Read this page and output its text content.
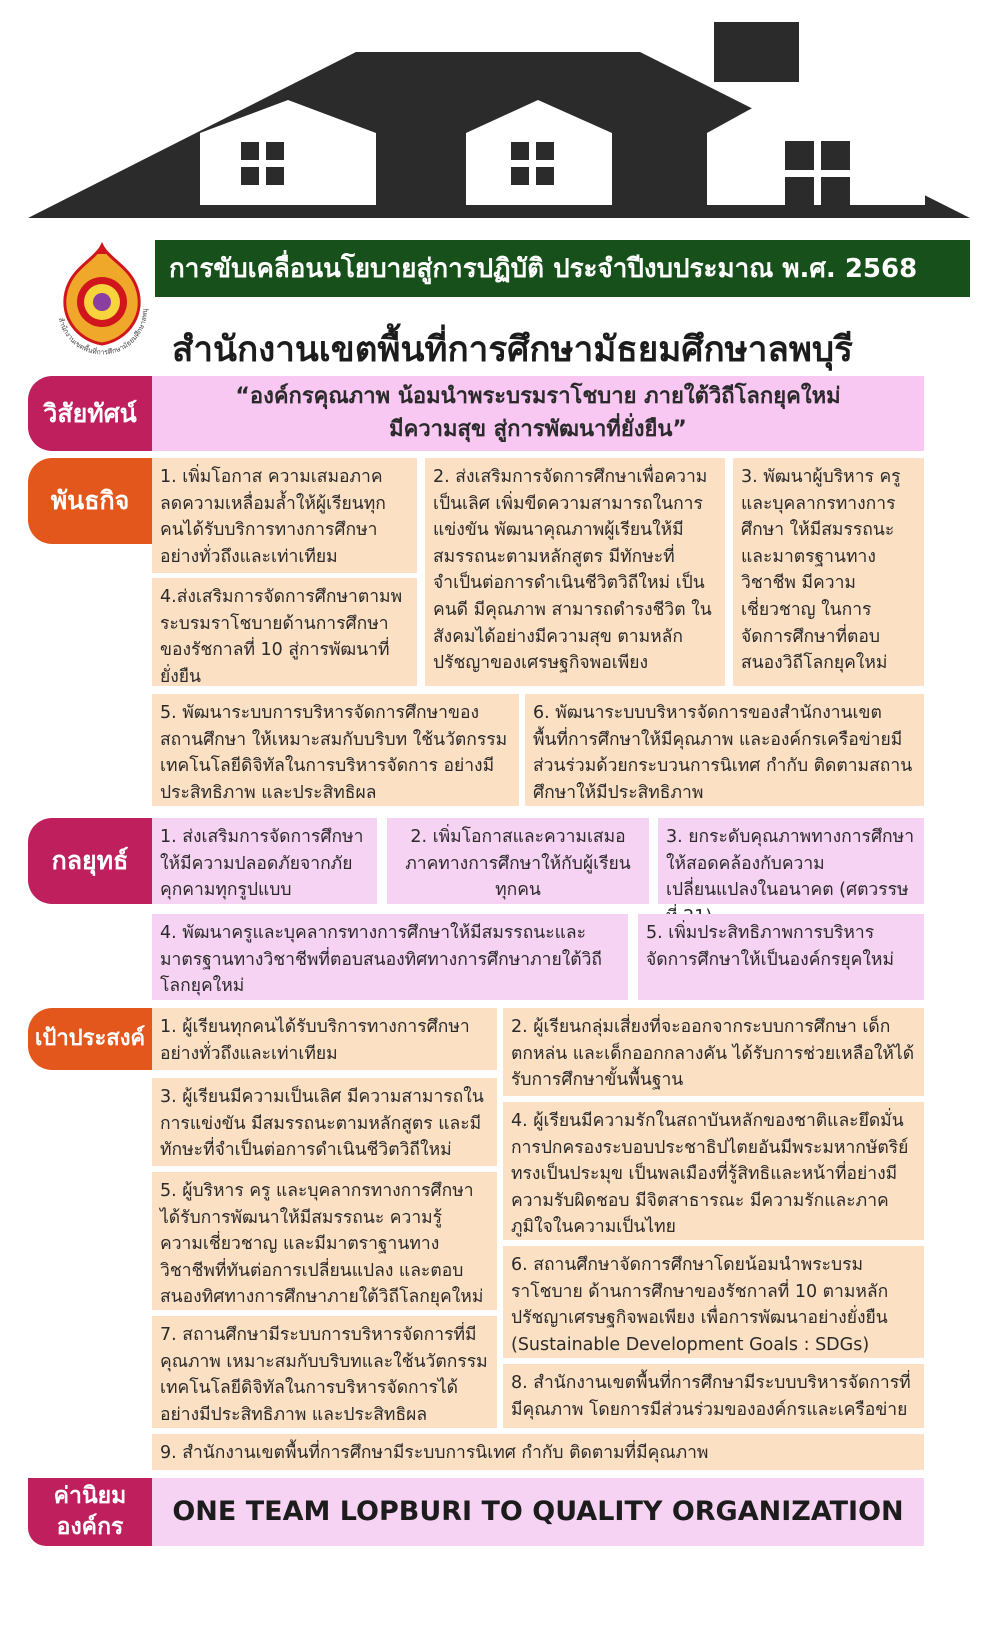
สำนักงานเขตพื้นที่การศึกษามัธยมศึกษาลพบุ
การขับเคลื่อนนโยบายสู่การปฏิบัติ ประจำปีงบประมาณ พ.ศ. 2568
สำนักงานเขตพื้นที่การศึกษามัธยมศึกษาลพบุรี
วิสัยทัศน์
“องค์กรคุณภาพ น้อมนำพระบรมราโชบาย ภายใต้วิถีโลกยุคใหม่
มีความสุข สู่การพัฒนาที่ยั่งยืน”
พันธกิจ
1. เพิ่มโอกาส ความเสมอภาค ลดความเหลื่อมล้ำให้ผู้เรียนทุกคนได้รับบริการทางการศึกษาอย่างทั่วถึงและเท่าเทียม
2. ส่งเสริมการจัดการศึกษาเพื่อความเป็นเลิศ เพิ่มขีดความสามารถในการแข่งขัน พัฒนาคุณภาพผู้เรียนให้มีสมรรถนะตามหลักสูตร มีทักษะที่จำเป็นต่อการดำเนินชีวิตวิถีใหม่ เป็นคนดี มีคุณภาพ สามารถดำรงชีวิต ในสังคมได้อย่างมีความสุข ตามหลักปรัชญาของเศรษฐกิจพอเพียง
3. พัฒนาผู้บริหาร ครู และบุคลากรทางการศึกษา ให้มีสมรรถนะและมาตรฐานทางวิชาชีพ มีความเชี่ยวชาญ ในการจัดการศึกษาที่ตอบสนองวิถีโลกยุคใหม่
4.ส่งเสริมการจัดการศึกษาตามพระบรมราโชบายด้านการศึกษาของรัชกาลที่ 10 สู่การพัฒนาที่ยั่งยืน
5. พัฒนาระบบการบริหารจัดการศึกษาของสถานศึกษา ให้เหมาะสมกับบริบท ใช้นวัตกรรมเทคโนโลยีดิจิทัลในการบริหารจัดการ อย่างมีประสิทธิภาพ และประสิทธิผล
6. พัฒนาระบบบริหารจัดการของสำนักงานเขตพื้นที่การศึกษาให้มีคุณภาพ และองค์กรเครือข่ายมีส่วนร่วมด้วยกระบวนการนิเทศ กำกับ ติดตามสถานศึกษาให้มีประสิทธิภาพ
กลยุทธ์
1. ส่งเสริมการจัดการศึกษาให้มีความปลอดภัยจากภัยคุกคามทุกรูปแบบ
2. เพิ่มโอกาสและความเสมอภาคทางการศึกษาให้กับผู้เรียนทุกคน
3. ยกระดับคุณภาพทางการศึกษาให้สอดคล้องกับความเปลี่ยนแปลงในอนาคต (ศตวรรษ
4. พัฒนาครูและบุคลากรทางการศึกษาให้มีสมรรถนะและมาตรฐานทางวิชาชีพที่ตอบสนองทิศทางการศึกษาภายใต้วิถีโลกยุคใหม่
5. เพิ่มประสิทธิภาพการบริหารจัดการศึกษาให้เป็นองค์กรยุคใหม่
เป้าประสงค์ 1. ผู้เรียนทุกคนได้รับบริการทางการศึกษาอย่างทั่วถึงและเท่าเทียม
2. ผู้เรียนกลุ่มเสี่ยงที่จะออกจากระบบการศึกษา เด็กตกหล่น และเด็กออกกลางคัน ได้รับการช่วยเหลือให้ได้รับการศึกษาขั้นพื้นฐาน
3. ผู้เรียนมีความเป็นเลิศ มีความสามารถในการแข่งขัน มีสมรรถนะตามหลักสูตร และมีทักษะที่จำเป็นต่อการดำเนินชีวิตวิถีใหม่
4. ผู้เรียนมีความรักในสถาบันหลักของชาติและยึดมั่นการปกครองระบอบประชาธิปไตยอันมีพระมหากษัตริย์ทรงเป็นประมุข เป็นพลเมืองที่รู้สิทธิและหน้าที่อย่างมีความรับผิดชอบ มีจิตสาธารณะ มีความรักและภาคภูมิใจในความเป็นไทย
5. ผู้บริหาร ครู และบุคลากรทางการศึกษาได้รับการพัฒนาให้มีสมรรถนะ ความรู้ ความเชี่ยวชาญ และมีมาตราฐานทางวิชาชีพที่ทันต่อการเปลี่ยนแปลง และตอบสนองทิศทางการศึกษาภายใต้วิถีโลกยุคใหม่
6. สถานศึกษาจัดการศึกษาโดยน้อมนำพระบรมราโชบาย ด้านการศึกษาของรัชกาลที่ 10 ตามหลักปรัชญาเศรษฐกิจพอเพียง เพื่อการพัฒนาอย่างยั่งยืน (Sustainable Development Goals : SDGs)
7. สถานศึกษามีระบบการบริหารจัดการที่มีคุณภาพ เหมาะสมกับบริบทและใช้นวัตกรรมเทคโนโลยีดิจิทัลในการบริหารจัดการได้อย่างมีประสิทธิภาพ และประสิทธิผล
8. สำนักงานเขตพื้นที่การศึกษามีระบบบริหารจัดการที่มีคุณภาพ โดยการมีส่วนร่วมขององค์กรและเครือข่าย
9. สำนักงานเขตพื้นที่การศึกษามีระบบการนิเทศ กำกับ ติดตามที่มีคุณภาพ
ค่านิยม
องค์กร ONE TEAM LOPBURI TO QUALITY ORGANIZATION
